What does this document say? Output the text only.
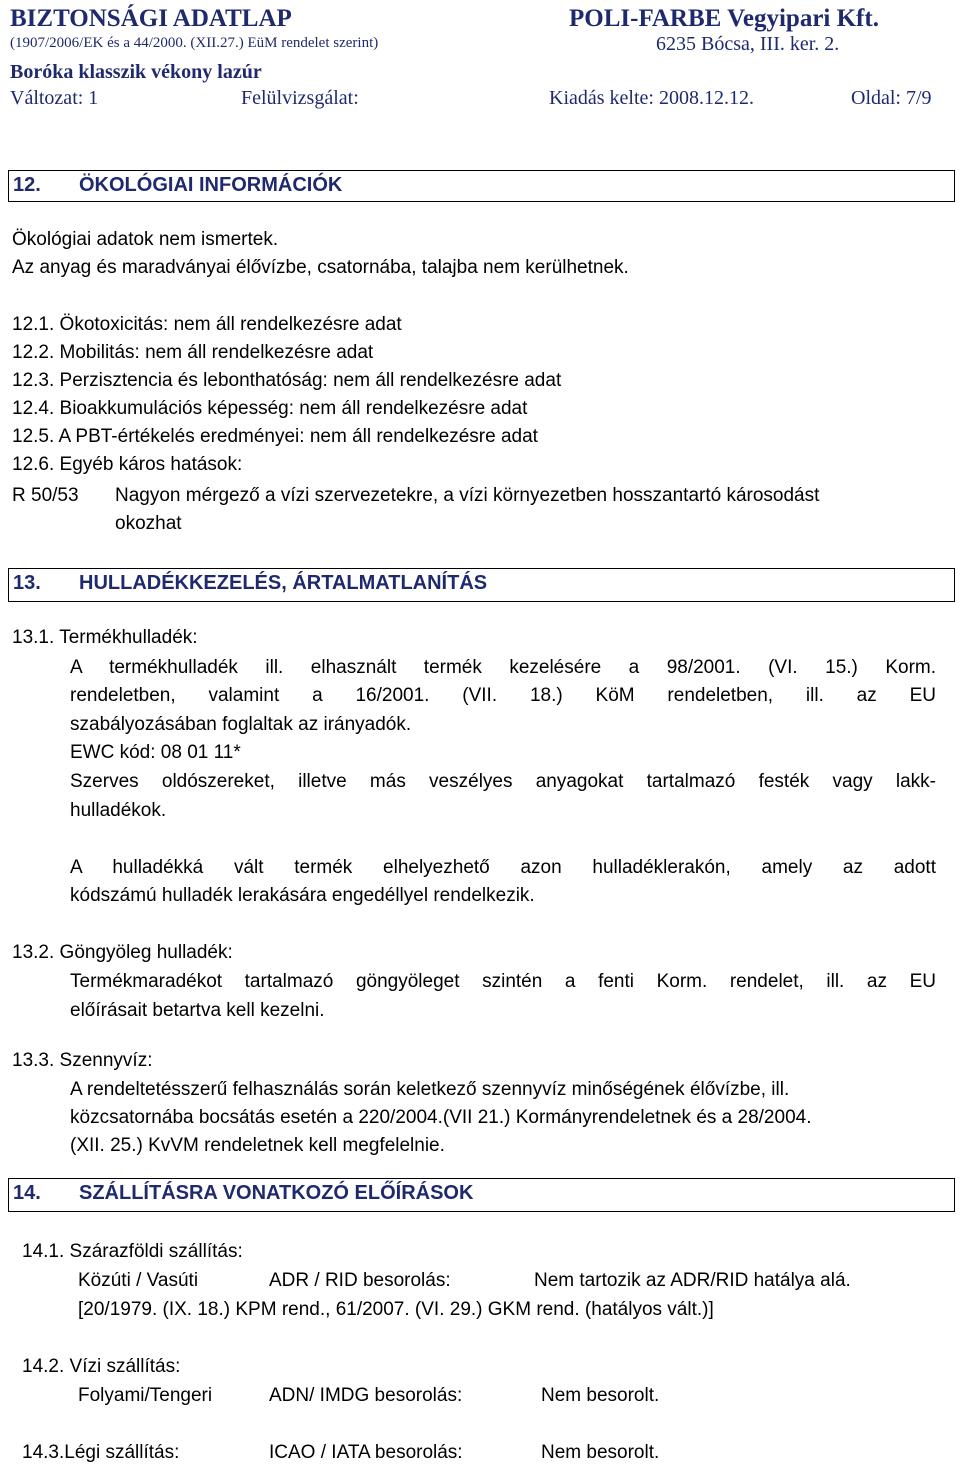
BIZTONSÁGI ADATLAP	POLI-FARBE Vegyipari Kft.
(1907/2006/EK és a 44/2000. (XII.27.) EüM rendelet szerint)	6235 Bócsa, III. ker. 2.
Boróka klasszik vékony lazúr
Változat: 1	Felülvizsgálat:	Kiadás kelte: 2008.12.12.	Oldal: 7/9
12. ÖKOLÓGIAI INFORMÁCIÓK
Ökológiai adatok nem ismertek.
Az anyag és maradványai élővízbe, csatornába, talajba nem kerülhetnek.
12.1. Ökotoxicitás: nem áll rendelkezésre adat
12.2. Mobilitás: nem áll rendelkezésre adat
12.3. Perzisztencia és lebonthatóság: nem áll rendelkezésre adat
12.4. Bioakkumulációs képesség: nem áll rendelkezésre adat
12.5. A PBT-értékelés eredményei: nem áll rendelkezésre adat
12.6. Egyéb káros hatások:
R 50/53 Nagyon mérgező a vízi szervezetekre, a vízi környezetben hosszantartó károsodást
okozhat
13. HULLADÉKKEZELÉS, ÁRTALMATLANÍTÁS
13.1. Termékhulladék:
A termékhulladék ill. elhasznált termék kezelésére a 98/2001. (VI. 15.) Korm.
rendeletben, valamint a 16/2001. (VII. 18.) KöM rendeletben, ill. az EU
szabályozásában foglaltak az irányadók.
EWC kód: 08 01 11*
Szerves oldószereket, illetve más veszélyes anyagokat tartalmazó festék vagy lakk-
hulladékok.
A hulladékká vált termék elhelyezhető azon hulladéklerakón, amely az adott
kódszámú hulladék lerakására engedéllyel rendelkezik.
13.2. Göngyöleg hulladék:
Termékmaradékot tartalmazó göngyöleget szintén a fenti Korm. rendelet, ill. az EU
előírásait betartva kell kezelni.
13.3. Szennyvíz:
A rendeltetésszerű felhasználás során keletkező szennyvíz minőségének élővízbe, ill.
közcsatornába bocsátás esetén a 220/2004.(VII 21.) Kormányrendeletnek és a 28/2004.
(XII. 25.) KvVM rendeletnek kell megfelelnie.
14. SZÁLLÍTÁSRA VONATKOZÓ ELŐÍRÁSOK
14.1. Szárazföldi szállítás:
Közúti / Vasúti	ADR / RID besorolás:	Nem tartozik az ADR/RID hatálya alá.
[20/1979. (IX. 18.) KPM rend., 61/2007. (VI. 29.) GKM rend. (hatályos vált.)]
14.2. Vízi szállítás:
Folyami/Tengeri	ADN/ IMDG besorolás:	Nem besorolt.
14.3.Légi szállítás:	ICAO / IATA besorolás:	Nem besorolt.
